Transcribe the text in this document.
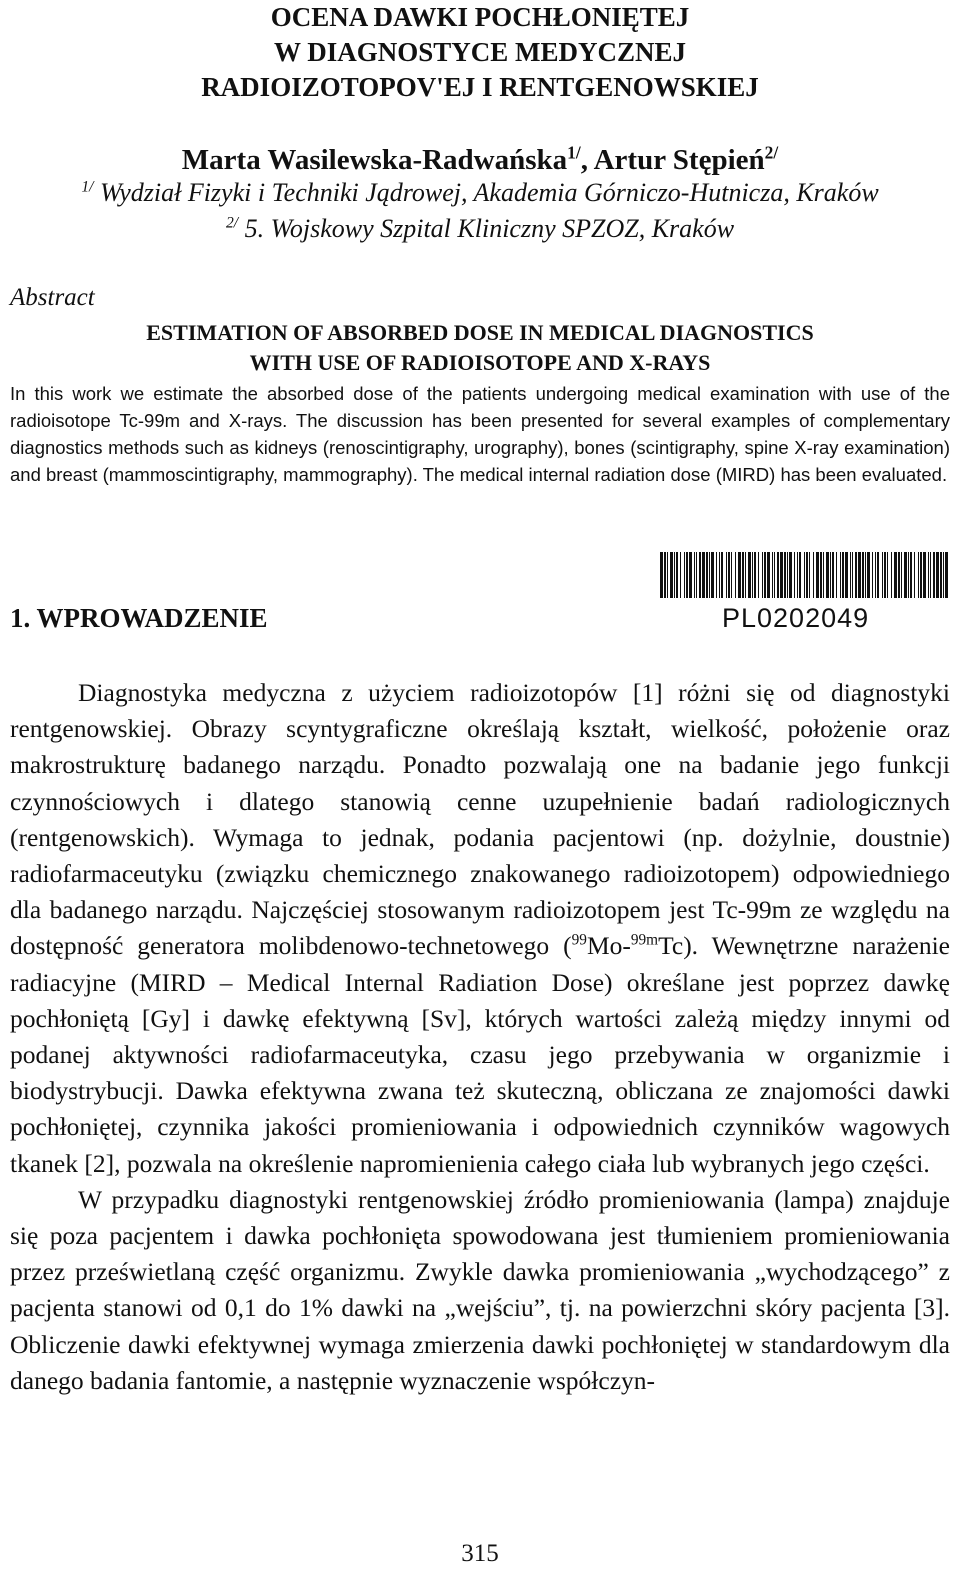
OCENA DAWKI POCHŁONIĘTEJ
W DIAGNOSTYCE MEDYCZNEJ
RADIOIZOTOPOV'EJ I RENTGENOWSKIEJ
Marta Wasilewska-Radwańska$^{1/}$, Artur Stępień$^{2/}$
$^{1/}$ Wydział Fizyki i Techniki Jądrowej, Akademia Górniczo-Hutnicza, Kraków
$^{2/}$ 5. Wojskowy Szpital Kliniczny SPZOZ, Kraków
Abstract
ESTIMATION OF ABSORBED DOSE IN MEDICAL DIAGNOSTICS
WITH USE OF RADIOISOTOPE AND X-RAYS
In this work we estimate the absorbed dose of the patients undergoing medical examination with use of the radioisotope Tc-99m and X-rays. The discussion has been presented for several examples of complementary diagnostics methods such as kidneys (renoscintigraphy, urography), bones (scintigraphy, spine X-ray examination) and breast (mammoscintigraphy, mammography). The medical internal radiation dose (MIRD) has been evaluated.
PL0202049
1. WPROWADZENIE

Diagnostyka medyczna z użyciem radioizotopów [1] różni się od diagnostyki rentgenowskiej. Obrazy scyntygraficzne określają kształt, wielkość, położenie oraz makrostrukturę badanego narządu. Ponadto pozwalają one na badanie jego funkcji czynnościowych i dlatego stanowią cenne uzupełnienie badań radiologicznych (rentgenowskich). Wymaga to jednak, podania pacjentowi (np. dożylnie, doustnie) radiofarmaceutyku (związku chemicznego znakowanego radioizotopem) odpowiedniego dla badanego narządu. Najczęściej stosowanym radioizotopem jest Tc-99m ze względu na dostępność generatora molibdenowo-technetowego ($^{99}$Mo-$^{99m}$Tc). Wewnętrzne narażenie radiacyjne (MIRD – Medical Internal Radiation Dose) określane jest poprzez dawkę pochłoniętą [Gy] i dawkę efektywną [Sv], których wartości zależą między innymi od podanej aktywności radiofarmaceutyka, czasu jego przebywania w organizmie i biodystrybucji. Dawka efektywna zwana też skuteczną, obliczana ze znajomości dawki pochłoniętej, czynnika jakości promieniowania i odpowiednich czynników wagowych tkanek [2], pozwala na określenie napromienienia całego ciała lub wybranych jego części.

W przypadku diagnostyki rentgenowskiej źródło promieniowania (lampa) znajduje się poza pacjentem i dawka pochłonięta spowodowana jest tłumieniem promieniowania przez prześwietlaną część organizmu. Zwykle dawka promieniowania „wychodzącego” z pacjenta stanowi od 0,1 do 1% dawki na „wejściu”, tj. na powierzchni skóry pacjenta [3]. Obliczenie dawki efektywnej wymaga zmierzenia dawki pochłoniętej w standardowym dla danego badania fantomie, a następnie wyznaczenie współczyn-

315
